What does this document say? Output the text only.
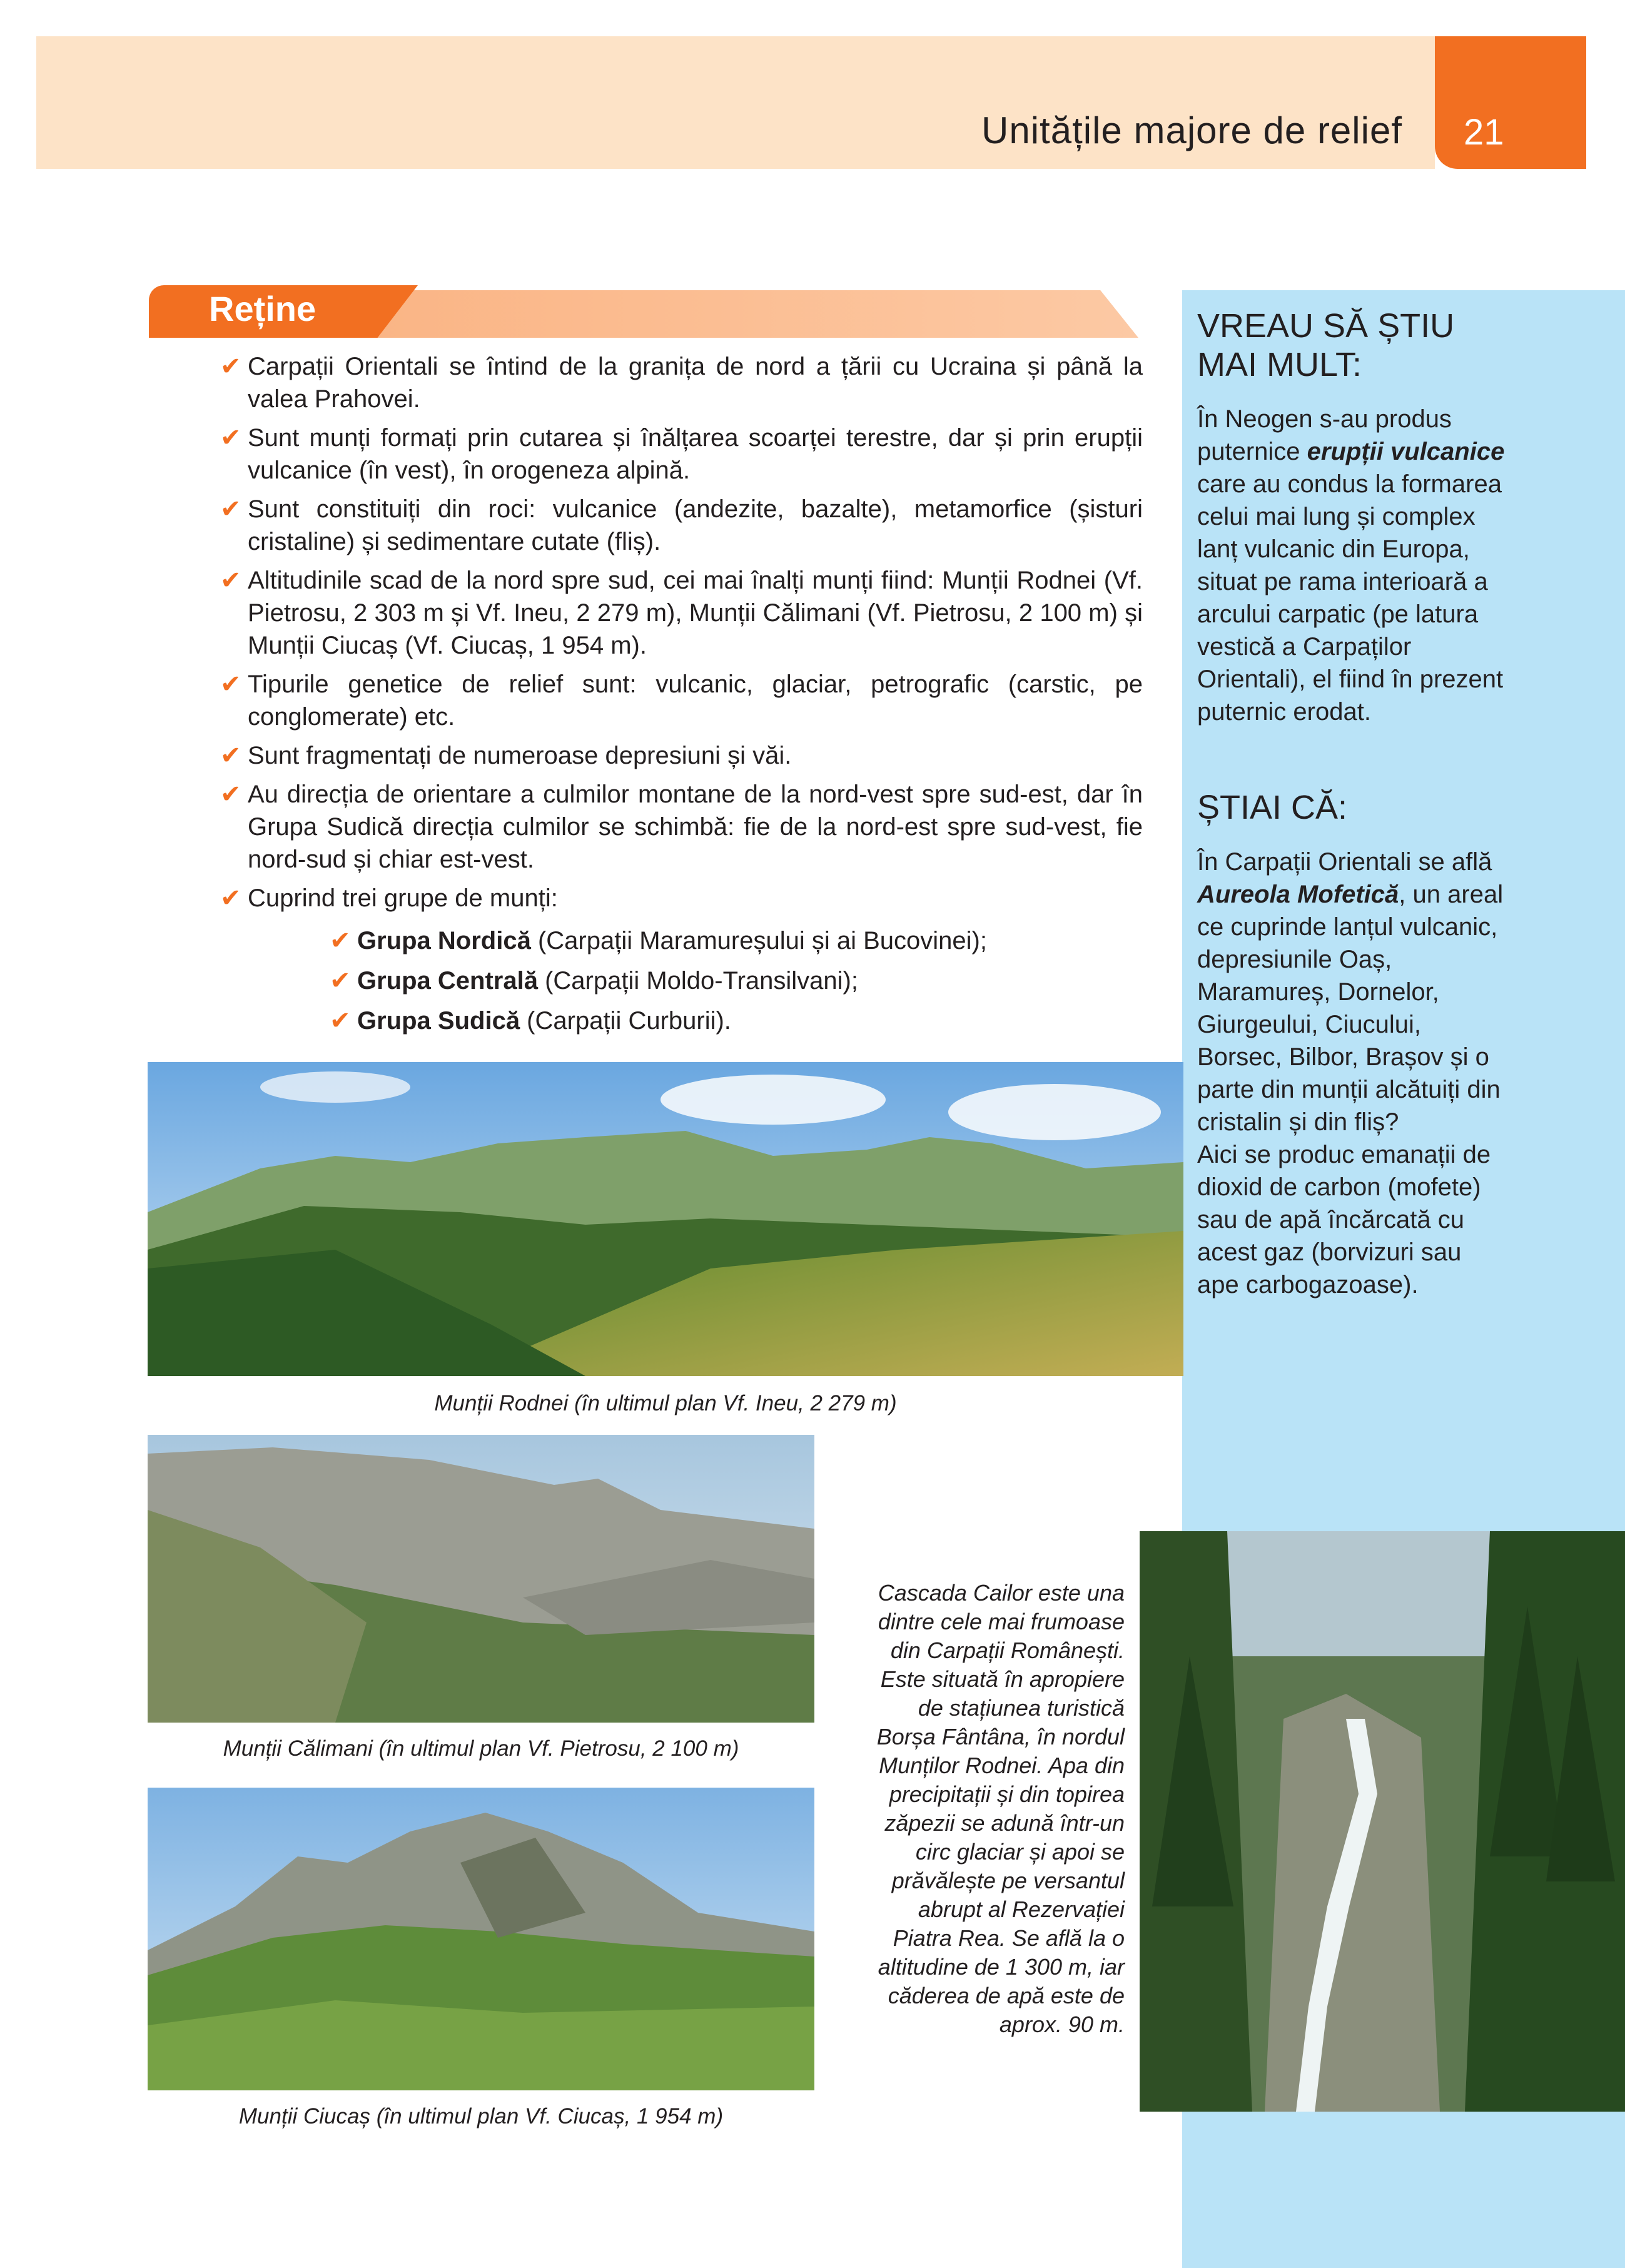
Unitățile majore de relief 21
Reține
✔ Carpații Orientali se întind de la granița de nord a țării cu Ucraina și până la valea Prahovei.
✔ Sunt munți formați prin cutarea și înălțarea scoarței terestre, dar și prin erupții vulcanice (în vest), în orogeneza alpină.
✔ Sunt constituiți din roci: vulcanice (andezite, bazalte), metamorfice (șisturi cristaline) și sedimentare cutate (fliș).
✔ Altitudinile scad de la nord spre sud, cei mai înalți munți fiind: Munții Rodnei (Vf. Pietrosu, 2 303 m și Vf. Ineu, 2 279 m), Munții Călimani (Vf. Pietrosu, 2 100 m) și Munții Ciucaș (Vf. Ciucaș, 1 954 m).
✔ Tipurile genetice de relief sunt: vulcanic, glaciar, petrografic (carstic, pe conglomerate) etc.
✔ Sunt fragmentați de numeroase depresiuni și văi.
✔ Au direcția de orientare a culmilor montane de la nord-vest spre sud-est, dar în Grupa Sudică direcția culmilor se schimbă: fie de la nord-est spre sud-vest, fie nord-sud și chiar est-vest.
✔ Cuprind trei grupe de munți:
✔ Grupa Nordică (Carpații Maramureșului și ai Bucovinei);
✔ Grupa Centrală (Carpații Moldo-Transilvani);
✔ Grupa Sudică (Carpații Curburii).
VREAU SĂ ȘTIU
MAI MULT:
În Neogen s-au produs puternice erupții vulcanice care au condus la formarea celui mai lung și complex lanț vulcanic din Europa, situat pe rama interioară a arcului carpatic (pe latura vestică a Carpaților Orientali), el fiind în prezent puternic erodat.
ȘTIAI CĂ:
În Carpații Orientali se află Aureola Mofetică, un areal ce cuprinde lanțul vulcanic, depresiunile Oaș, Maramureș, Dornelor, Giurgeului, Ciucului, Borsec, Bilbor, Brașov și o parte din munții alcătuiți din cristalin și din fliș?
Aici se produc emanații de dioxid de carbon (mofete) sau de apă încărcată cu acest gaz (borvizuri sau ape carbogazoase).
Munții Rodnei (în ultimul plan Vf. Ineu, 2 279 m)
Munții Călimani (în ultimul plan Vf. Pietrosu, 2 100 m)
Munții Ciucaș (în ultimul plan Vf. Ciucaș, 1 954 m)
Cascada Cailor este una dintre cele mai frumoase din Carpații Românești. Este situată în apropiere de stațiunea turistică Borșa Fântâna, în nordul Munților Rodnei. Apa din precipitații și din topirea zăpezii se adună într-un circ glaciar și apoi se prăvălește pe versantul abrupt al Rezervației Piatra Rea. Se află la o altitudine de 1 300 m, iar căderea de apă este de aprox. 90 m.
